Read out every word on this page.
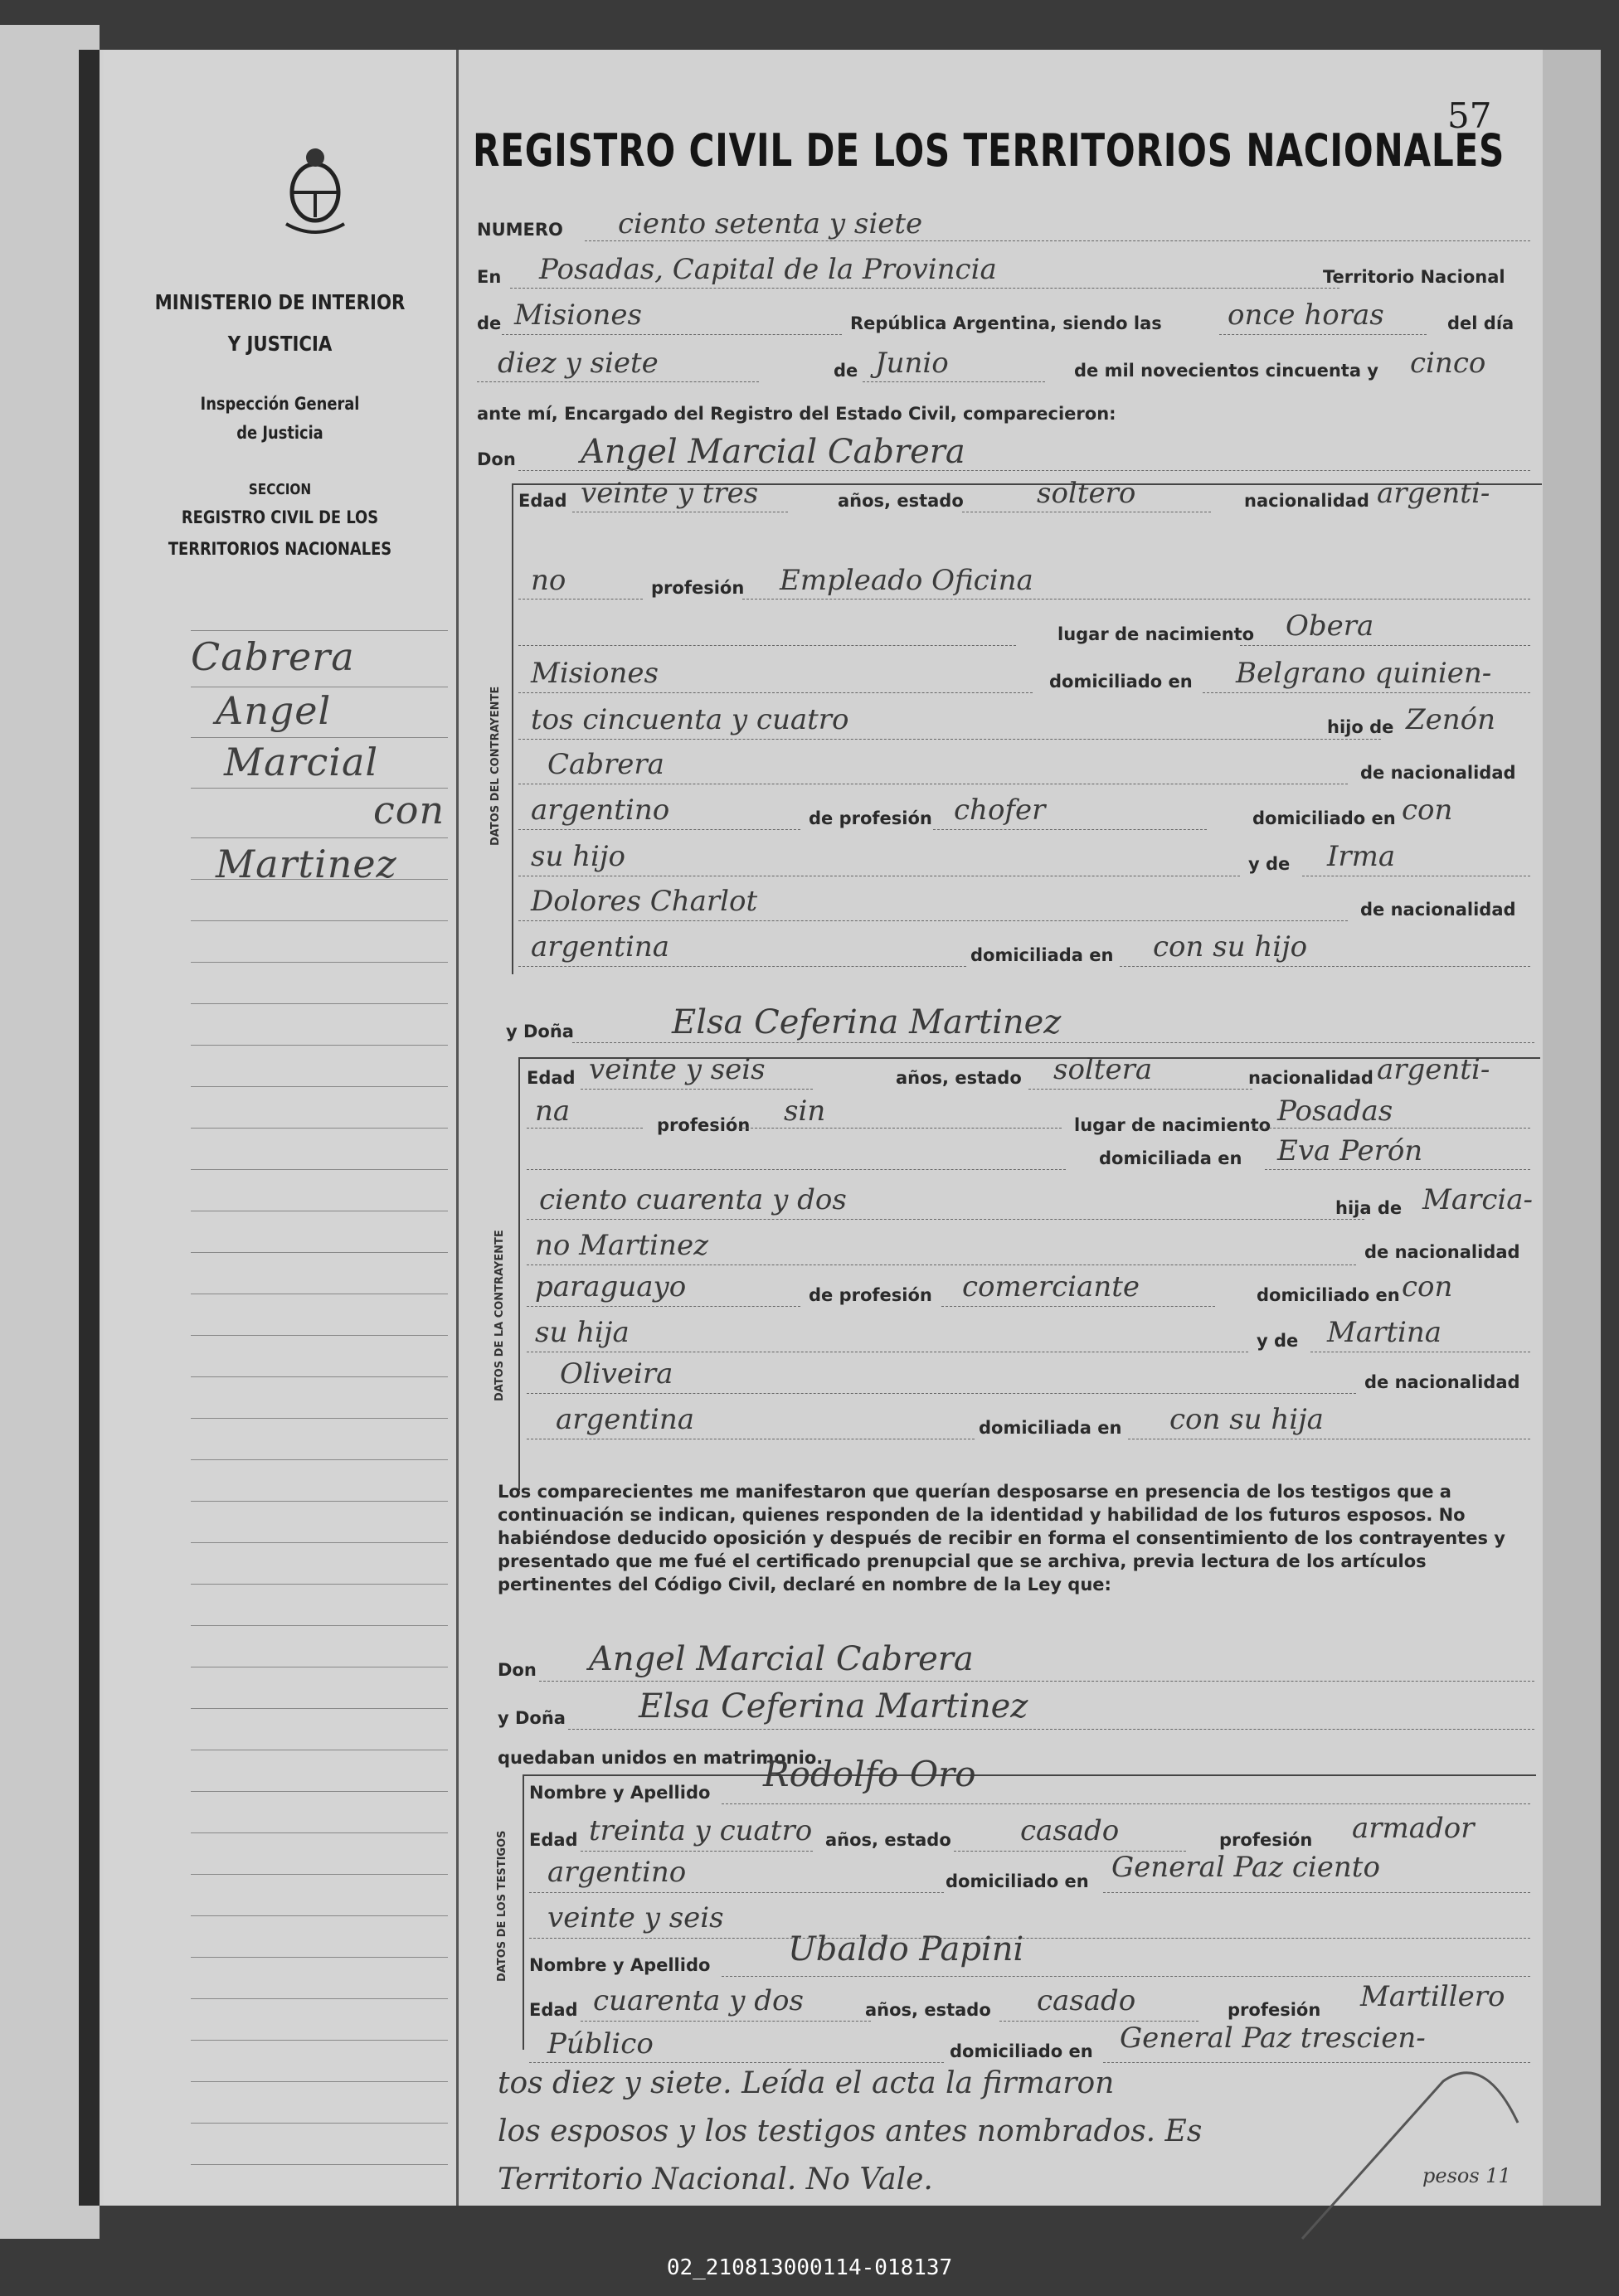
MINISTERIO DE INTERIOR
Y JUSTICIA
Inspección General
de Justicia
SECCION
REGISTRO CIVIL DE LOS
TERRITORIOS NACIONALES
Cabrera
Angel
Marcial
con
Martinez
57
REGISTRO CIVIL DE LOS TERRITORIOS NACIONALES
NUMERO ciento setenta y siete
En Posadas, Capital de la Provincia	Territorio Nacional
de Misiones	República Argentina, siendo las once horas	del día
diez y siete	de Junio	de mil novecientos cincuenta y cinco
ante mí, Encargado del Registro del Estado Civil, comparecieron:
Don Angel Marcial Cabrera
DATOS DEL CONTRAYENTE
Edad veinte y tres	años, estado	soltero	nacionalidad argenti-
no	profesión Empleado Oficina
lugar de nacimiento Obera
Misiones	domiciliado en Belgrano quinien-
tos cincuenta y cuatro	hijo de Zenón
Cabrera	de nacionalidad
argentino	de profesión chofer	domiciliado en con
su hijo	y de Irma
Dolores Charlot	de nacionalidad
argentina	domiciliada en con su hijo
y Doña	Elsa Ceferina Martinez
DATOS DE LA CONTRAYENTE
Edad veinte y seis	años, estado soltera	nacionalidad argenti-
na	profesión sin	lugar de nacimiento Posadas
domiciliada en Eva Perón
ciento cuarenta y dos	hija de Marcia-
no Martinez	de nacionalidad
paraguayo	de profesión comerciante	domiciliado en con
su hija	y de Martina
Oliveira	de nacionalidad
argentina	domiciliada en con su hija
Los comparecientes me manifestaron que querían desposarse en presencia de los testigos que a continuación se indican, quienes responden de la identidad y habilidad de los futuros esposos. No habiéndose deducido oposición y después de recibir en forma el consentimiento de los contrayentes y presentado que me fué el certificado prenupcial que se archiva, previa lectura de los artículos pertinentes del Código Civil, declaré en nombre de la Ley que:
Don Angel Marcial Cabrera
y Doña Elsa Ceferina Martinez
quedaban unidos en matrimonio.
DATOS DE LOS TESTIGOS
Nombre y Apellido Rodolfo Oro
Edad treinta y cuatro años, estado casado	profesión armador
argentino	domiciliado en General Paz ciento
veinte y seis
Nombre y Apellido Ubaldo Papini
Edad cuarenta y dos	años, estado casado	profesión Martillero
Público	domiciliado en General Paz trescien-
tos diez y siete. Leída el acta la firmaron
los esposos y los testigos antes nombrados. Es
Territorio Nacional. No Vale.	pesos 11
02_210813000114-018137
